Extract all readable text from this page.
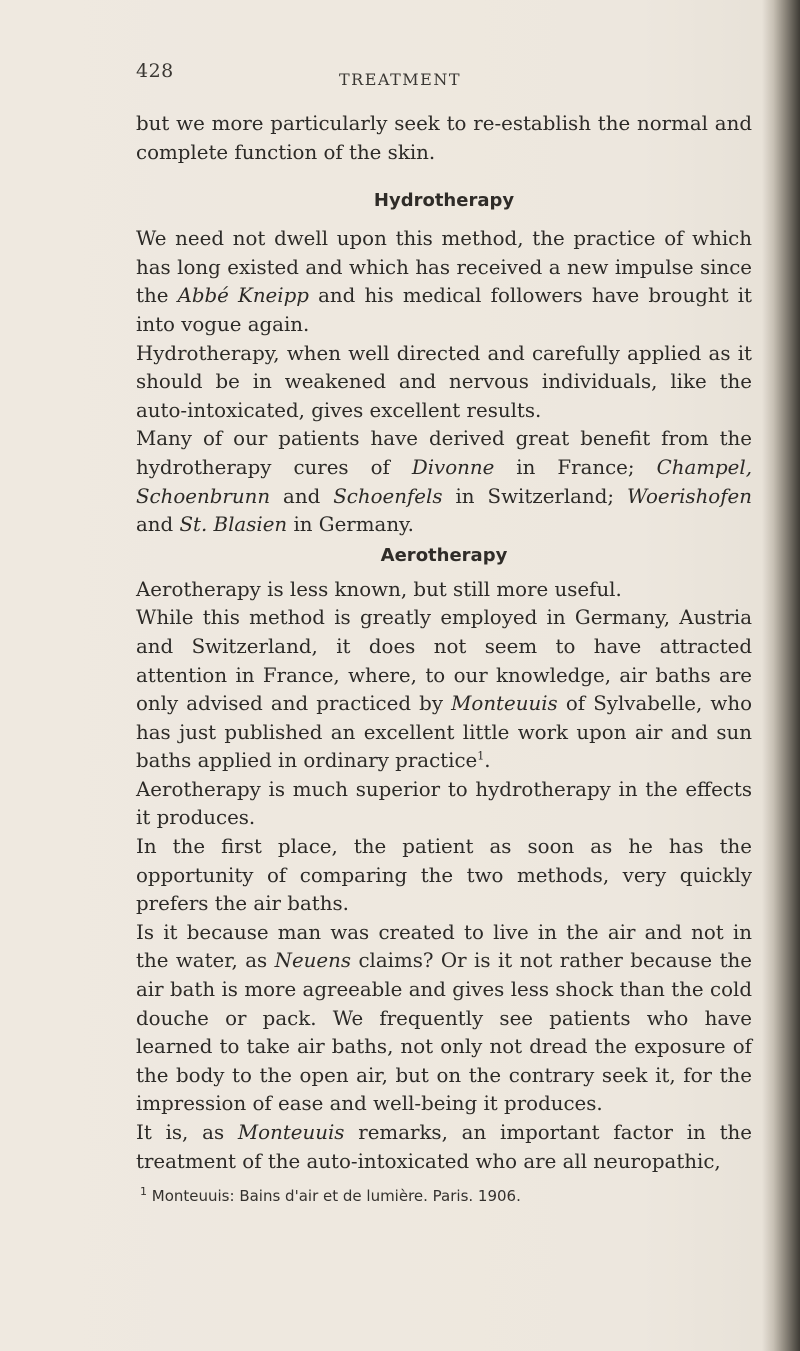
428	TREATMENT

but we more particularly seek to re-establish the normal and complete function of the skin.

Hydrotherapy

We need not dwell upon this method, the practice of which has long existed and which has received a new impulse since the Abbé Kneipp and his medical followers have brought it into vogue again.

Hydrotherapy, when well directed and carefully applied as it should be in weakened and nervous individuals, like the auto-intoxicated, gives excellent results.

Many of our patients have derived great benefit from the hydrotherapy cures of Divonne in France; Champel, Schoenbrunn and Schoenfels in Switzerland; Woerishofen and St. Blasien in Germany.

Aerotherapy

Aerotherapy is less known, but still more useful.

While this method is greatly employed in Germany, Austria and Switzerland, it does not seem to have attracted attention in France, where, to our knowledge, air baths are only advised and practiced by Monteuuis of Sylvabelle, who has just published an excellent little work upon air and sun baths applied in ordinary practice$^1$.

Aerotherapy is much superior to hydrotherapy in the effects it produces.

In the first place, the patient as soon as he has the opportunity of comparing the two methods, very quickly prefers the air baths.

Is it because man was created to live in the air and not in the water, as Neuens claims? Or is it not rather because the air bath is more agreeable and gives less shock than the cold douche or pack. We frequently see patients who have learned to take air baths, not only not dread the exposure of the body to the open air, but on the contrary seek it, for the impression of ease and well-being it produces.

It is, as Monteuuis remarks, an important factor in the treatment of the auto-intoxicated who are all neuropathic,

$^1$ Monteuuis: Bains d'air et de lumière. Paris. 1906.
